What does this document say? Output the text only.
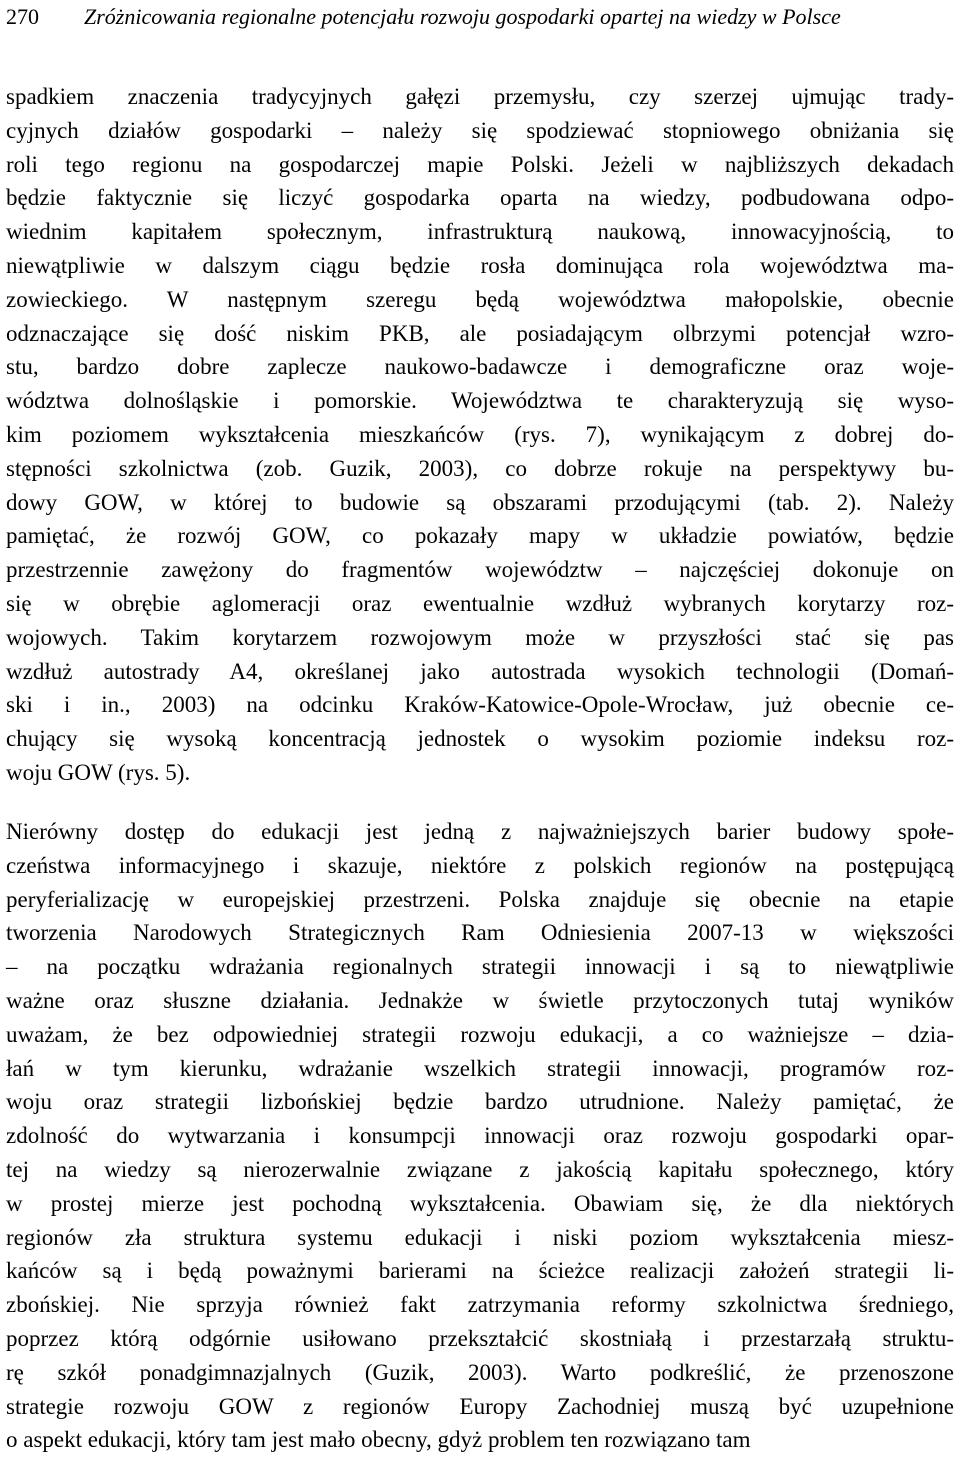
270 Zróżnicowania regionalne potencjału rozwoju gospodarki opartej na wiedzy w Polsce
spadkiem znaczenia tradycyjnych gałęzi przemysłu, czy szerzej ujmując trady-
cyjnych działów gospodarki – należy się spodziewać stopniowego obniżania się
roli tego regionu na gospodarczej mapie Polski. Jeżeli w najbliższych dekadach
będzie faktycznie się liczyć gospodarka oparta na wiedzy, podbudowana odpo-
wiednim kapitałem społecznym, infrastrukturą naukową, innowacyjnością, to
niewątpliwie w dalszym ciągu będzie rosła dominująca rola województwa ma-
zowieckiego. W następnym szeregu będą województwa małopolskie, obecnie
odznaczające się dość niskim PKB, ale posiadającym olbrzymi potencjał wzro-
stu, bardzo dobre zaplecze naukowo-badawcze i demograficzne oraz woje-
wództwa dolnośląskie i pomorskie. Województwa te charakteryzują się wyso-
kim poziomem wykształcenia mieszkańców (rys. 7), wynikającym z dobrej do-
stępności szkolnictwa (zob. Guzik, 2003), co dobrze rokuje na perspektywy bu-
dowy GOW, w której to budowie są obszarami przodującymi (tab. 2). Należy
pamiętać, że rozwój GOW, co pokazały mapy w układzie powiatów, będzie
przestrzennie zawężony do fragmentów województw – najczęściej dokonuje on
się w obrębie aglomeracji oraz ewentualnie wzdłuż wybranych korytarzy roz-
wojowych. Takim korytarzem rozwojowym może w przyszłości stać się pas
wzdłuż autostrady A4, określanej jako autostrada wysokich technologii (Domań-
ski i in., 2003) na odcinku Kraków-Katowice-Opole-Wrocław, już obecnie ce-
chujący się wysoką koncentracją jednostek o wysokim poziomie indeksu roz-
woju GOW (rys. 5).
Nierówny dostęp do edukacji jest jedną z najważniejszych barier budowy społe-
czeństwa informacyjnego i skazuje, niektóre z polskich regionów na postępującą
peryferializację w europejskiej przestrzeni. Polska znajduje się obecnie na etapie
tworzenia Narodowych Strategicznych Ram Odniesienia 2007-13 w większości
– na początku wdrażania regionalnych strategii innowacji i są to niewątpliwie
ważne oraz słuszne działania. Jednakże w świetle przytoczonych tutaj wyników
uważam, że bez odpowiedniej strategii rozwoju edukacji, a co ważniejsze – dzia-
łań w tym kierunku, wdrażanie wszelkich strategii innowacji, programów roz-
woju oraz strategii lizbońskiej będzie bardzo utrudnione. Należy pamiętać, że
zdolność do wytwarzania i konsumpcji innowacji oraz rozwoju gospodarki opar-
tej na wiedzy są nierozerwalnie związane z jakością kapitału społecznego, który
w prostej mierze jest pochodną wykształcenia. Obawiam się, że dla niektórych
regionów zła struktura systemu edukacji i niski poziom wykształcenia miesz-
kańców są i będą poważnymi barierami na ścieżce realizacji założeń strategii li-
zbońskiej. Nie sprzyja również fakt zatrzymania reformy szkolnictwa średniego,
poprzez którą odgórnie usiłowano przekształcić skostniałą i przestarzałą struktu-
rę szkół ponadgimnazjalnych (Guzik, 2003). Warto podkreślić, że przenoszone
strategie rozwoju GOW z regionów Europy Zachodniej muszą być uzupełnione
o aspekt edukacji, który tam jest mało obecny, gdyż problem ten rozwiązano tam
